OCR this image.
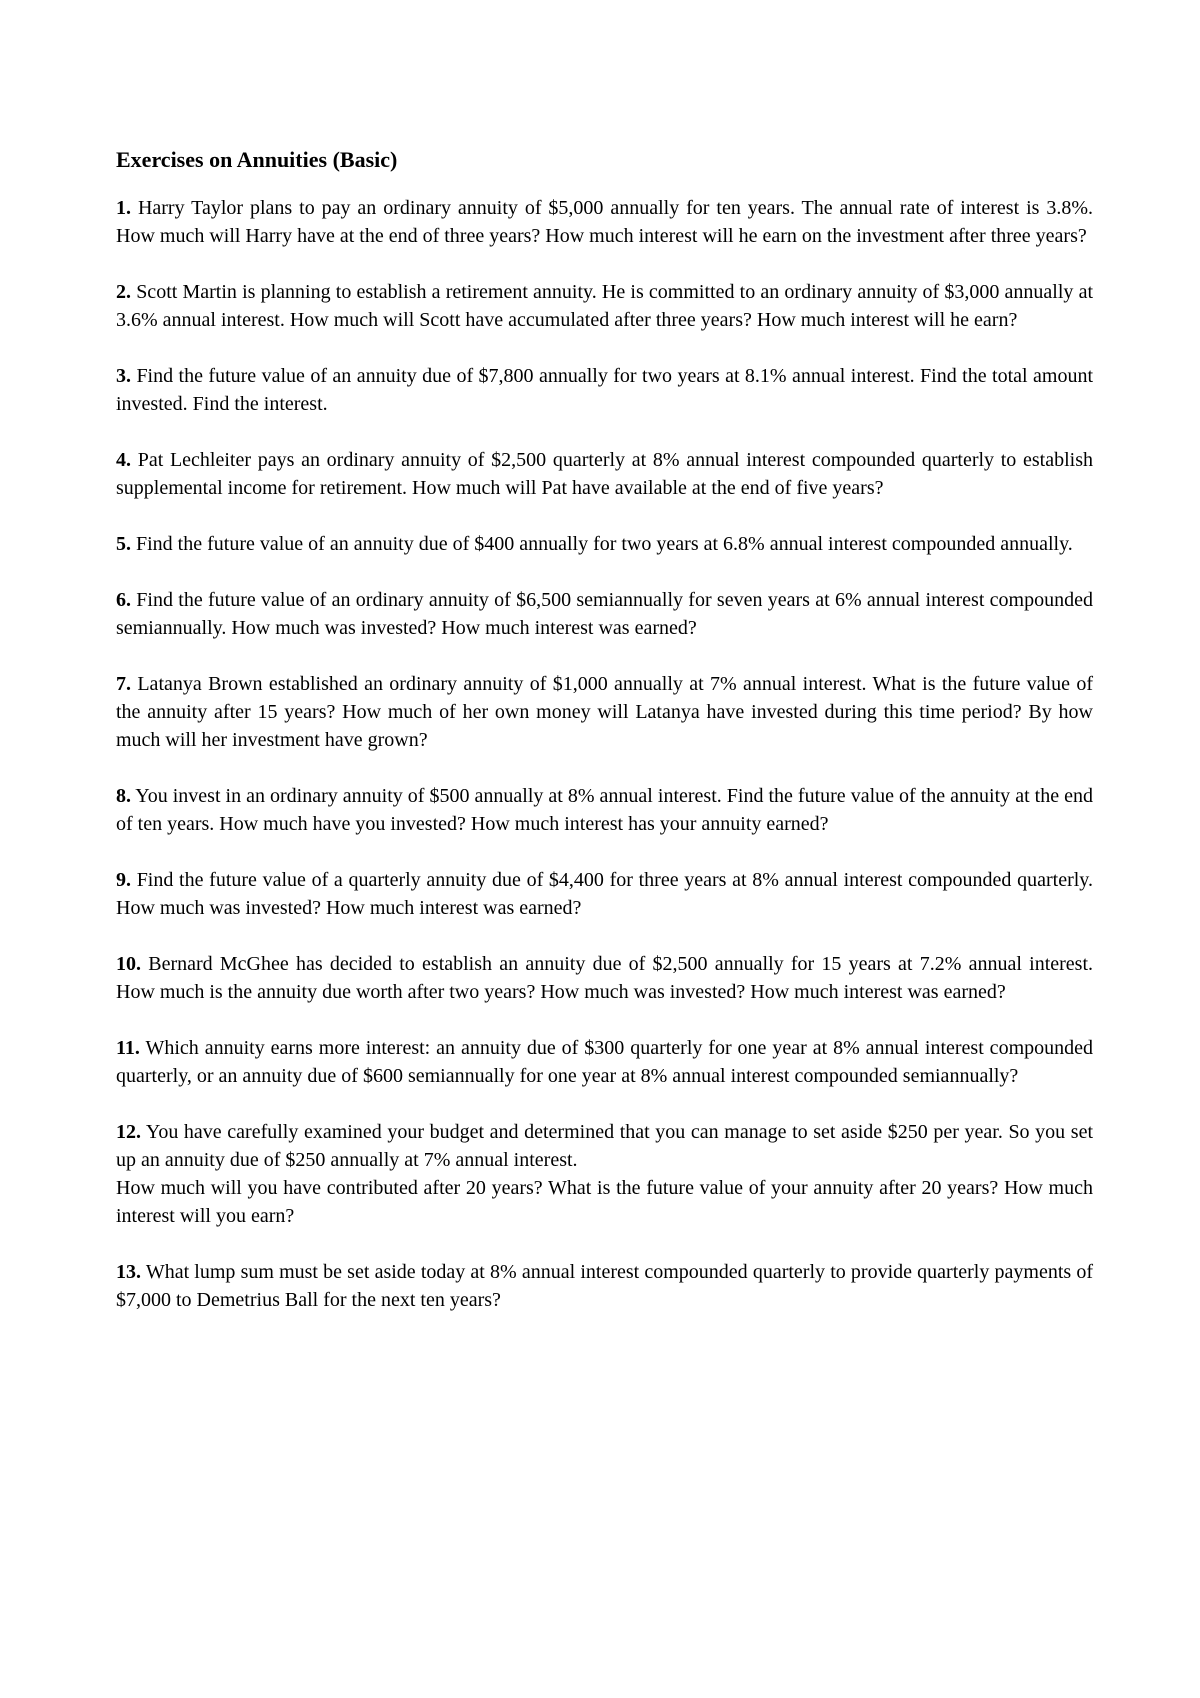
Exercises on Annuities (Basic)

1. Harry Taylor plans to pay an ordinary annuity of $5,000 annually for ten years. The annual rate of interest is 3.8%. How much will Harry have at the end of three years? How much interest will he earn on the investment after three years?

2. Scott Martin is planning to establish a retirement annuity. He is committed to an ordinary annuity of $3,000 annually at 3.6% annual interest. How much will Scott have accumulated after three years? How much interest will he earn?

3. Find the future value of an annuity due of $7,800 annually for two years at 8.1% annual interest. Find the total amount invested. Find the interest.

4. Pat Lechleiter pays an ordinary annuity of $2,500 quarterly at 8% annual interest compounded quarterly to establish supplemental income for retirement. How much will Pat have available at the end of five years?

5. Find the future value of an annuity due of $400 annually for two years at 6.8% annual interest compounded annually.

6. Find the future value of an ordinary annuity of $6,500 semiannually for seven years at 6% annual interest compounded semiannually. How much was invested? How much interest was earned?

7. Latanya Brown established an ordinary annuity of $1,000 annually at 7% annual interest. What is the future value of the annuity after 15 years? How much of her own money will Latanya have invested during this time period? By how much will her investment have grown?

8. You invest in an ordinary annuity of $500 annually at 8% annual interest. Find the future value of the annuity at the end of ten years. How much have you invested? How much interest has your annuity earned?

9. Find the future value of a quarterly annuity due of $4,400 for three years at 8% annual interest compounded quarterly. How much was invested? How much interest was earned?

10. Bernard McGhee has decided to establish an annuity due of $2,500 annually for 15 years at 7.2% annual interest. How much is the annuity due worth after two years? How much was invested? How much interest was earned?

11. Which annuity earns more interest: an annuity due of $300 quarterly for one year at 8% annual interest compounded quarterly, or an annuity due of $600 semiannually for one year at 8% annual interest compounded semiannually?

12. You have carefully examined your budget and determined that you can manage to set aside $250 per year. So you set up an annuity due of $250 annually at 7% annual interest.
How much will you have contributed after 20 years? What is the future value of your annuity after 20 years? How much interest will you earn?

13. What lump sum must be set aside today at 8% annual interest compounded quarterly to provide quarterly payments of $7,000 to Demetrius Ball for the next ten years?
